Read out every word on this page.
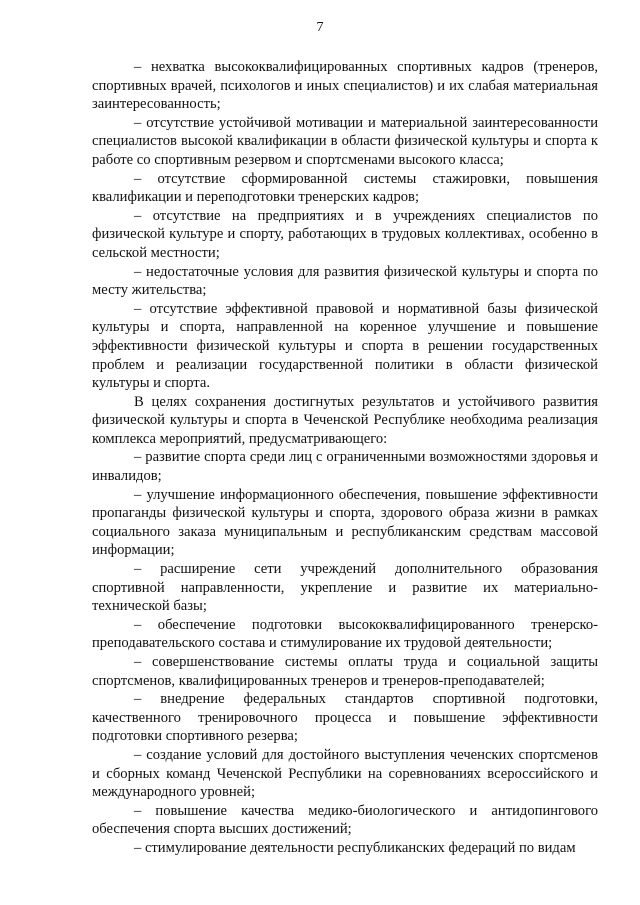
7

– нехватка высококвалифицированных спортивных кадров (тренеров, спортивных врачей, психологов и иных специалистов) и их слабая материальная заинтересованность;

– отсутствие устойчивой мотивации и материальной заинтересованности специалистов высокой квалификации в области физической культуры и спорта к работе со спортивным резервом и спортсменами высокого класса;

– отсутствие сформированной системы стажировки, повышения квалификации и переподготовки тренерских кадров;

– отсутствие на предприятиях и в учреждениях специалистов по физической культуре и спорту, работающих в трудовых коллективах, особенно в сельской местности;

– недостаточные условия для развития физической культуры и спорта по месту жительства;

– отсутствие эффективной правовой и нормативной базы физической культуры и спорта, направленной на коренное улучшение и повышение эффективности физической культуры и спорта в решении государственных проблем и реализации государственной политики в области физической культуры и спорта.

В целях сохранения достигнутых результатов и устойчивого развития физической культуры и спорта в Чеченской Республике необходима реализация комплекса мероприятий, предусматривающего:

– развитие спорта среди лиц с ограниченными возможностями здоровья и инвалидов;

– улучшение информационного обеспечения, повышение эффективности пропаганды физической культуры и спорта, здорового образа жизни в рамках социального заказа муниципальным и республиканским средствам массовой информации;

– расширение сети учреждений дополнительного образования спортивной направленности, укрепление и развитие их материально-технической базы;

– обеспечение подготовки высококвалифицированного тренерско-преподавательского состава и стимулирование их трудовой деятельности;

– совершенствование системы оплаты труда и социальной защиты спортсменов, квалифицированных тренеров и тренеров-преподавателей;

– внедрение федеральных стандартов спортивной подготовки, качественного тренировочного процесса и повышение эффективности подготовки спортивного резерва;

– создание условий для достойного выступления чеченских спортсменов и сборных команд Чеченской Республики на соревнованиях всероссийского и международного уровней;

– повышение качества медико-биологического и антидопингового обеспечения спорта высших достижений;

– стимулирование деятельности республиканских федераций по видам
